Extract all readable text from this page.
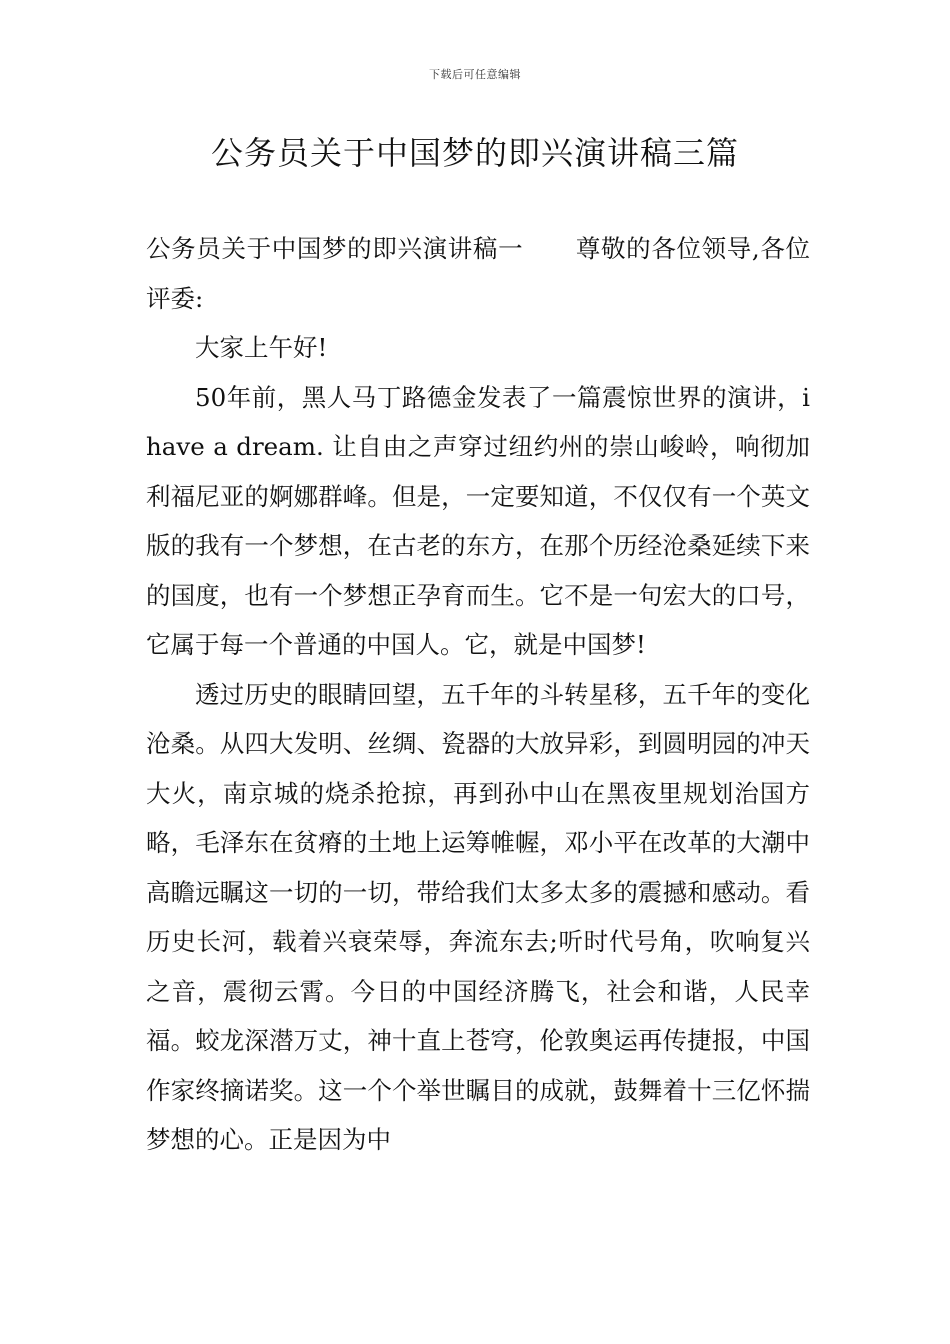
下载后可任意编辑
公务员关于中国梦的即兴演讲稿三篇

公务员关于中国梦的即兴演讲稿一 尊敬的各位领导,各位评委:

大家上午好!

50年前，黑人马丁路德金发表了一篇震惊世界的演讲，i have a dream. 让自由之声穿过纽约州的崇山峻岭，响彻加利福尼亚的婀娜群峰。但是，一定要知道，不仅仅有一个英文版的我有一个梦想，在古老的东方，在那个历经沧桑延续下来的国度，也有一个梦想正孕育而生。它不是一句宏大的口号，它属于每一个普通的中国人。它，就是中国梦!

透过历史的眼睛回望，五千年的斗转星移，五千年的变化沧桑。从四大发明、丝绸、瓷器的大放异彩，到圆明园的冲天大火，南京城的烧杀抢掠，再到孙中山在黑夜里规划治国方略，毛泽东在贫瘠的土地上运筹帷幄，邓小平在改革的大潮中高瞻远瞩这一切的一切，带给我们太多太多的震撼和感动。看历史长河，载着兴衰荣辱，奔流东去;听时代号角，吹响复兴之音，震彻云霄。今日的中国经济腾飞，社会和谐，人民幸福。蛟龙深潜万丈，神十直上苍穹，伦敦奥运再传捷报，中国作家终摘诺奖。这一个个举世瞩目的成就，鼓舞着十三亿怀揣梦想的心。正是因为中
